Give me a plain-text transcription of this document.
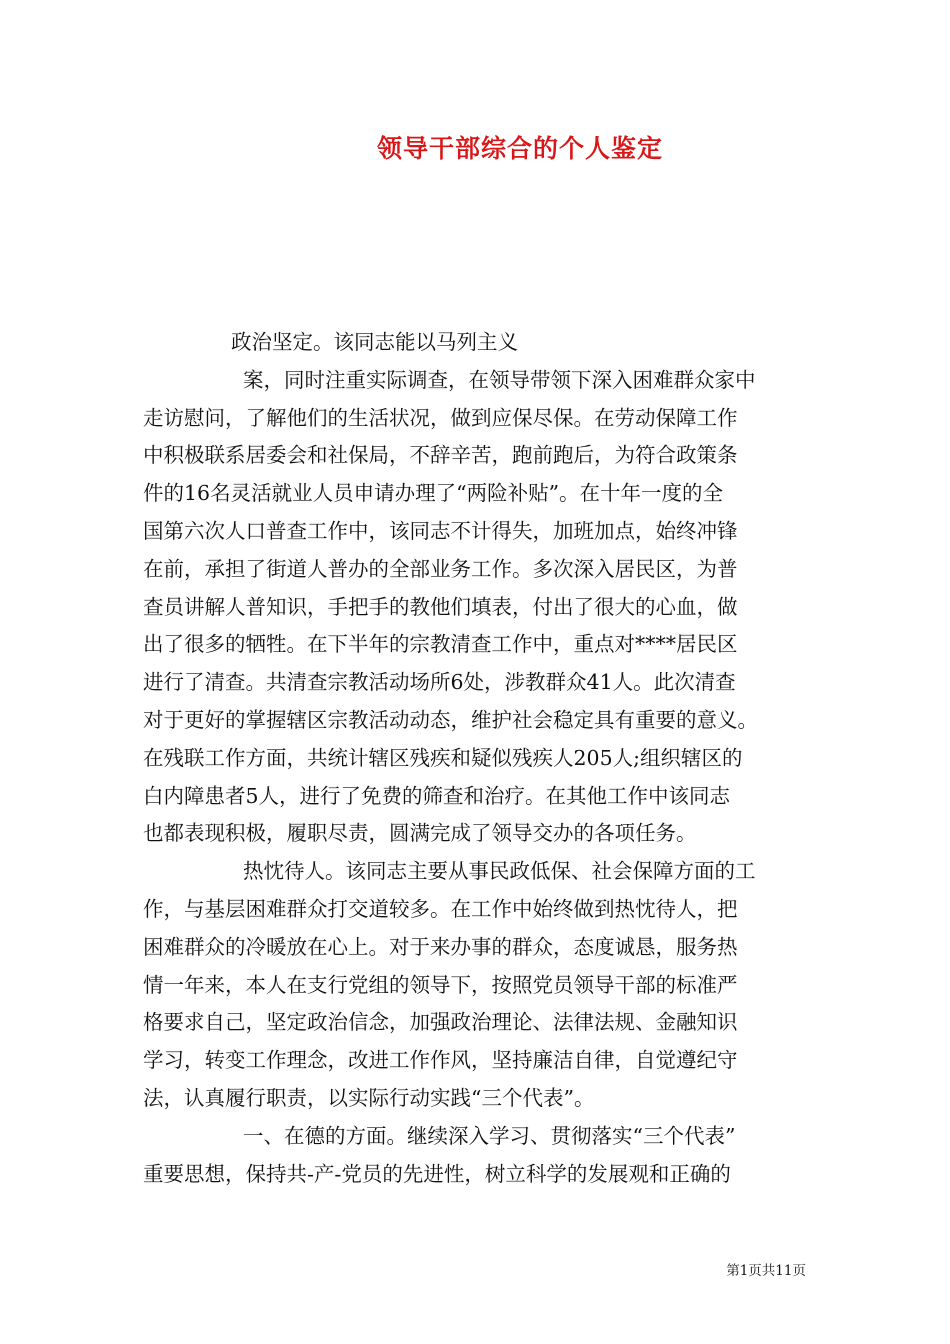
领导干部综合的个人鉴定
政治坚定。该同志能以马列主义
案，同时注重实际调查，在领导带领下深入困难群众家中
走访慰问，了解他们的生活状况，做到应保尽保。在劳动保障工作
中积极联系居委会和社保局，不辞辛苦，跑前跑后，为符合政策条
件的16名灵活就业人员申请办理了“两险补贴”。在十年一度的全
国第六次人口普查工作中，该同志不计得失，加班加点，始终冲锋
在前，承担了街道人普办的全部业务工作。多次深入居民区，为普
查员讲解人普知识，手把手的教他们填表，付出了很大的心血，做
出了很多的牺牲。在下半年的宗教清查工作中，重点对****居民区
进行了清查。共清查宗教活动场所6处，涉教群众41人。此次清查
对于更好的掌握辖区宗教活动动态，维护社会稳定具有重要的意义。
在残联工作方面，共统计辖区残疾和疑似残疾人205人;组织辖区的
白内障患者5人，进行了免费的筛查和治疗。在其他工作中该同志
也都表现积极，履职尽责，圆满完成了领导交办的各项任务。
热忱待人。该同志主要从事民政低保、社会保障方面的工
作，与基层困难群众打交道较多。在工作中始终做到热忱待人，把
困难群众的冷暖放在心上。对于来办事的群众，态度诚恳，服务热
情一年来，本人在支行党组的领导下，按照党员领导干部的标准严
格要求自己，坚定政治信念，加强政治理论、法律法规、金融知识
学习，转变工作理念，改进工作作风，坚持廉洁自律，自觉遵纪守
法，认真履行职责，以实际行动实践“三个代表”。
一、在德的方面。继续深入学习、贯彻落实“三个代表”
重要思想，保持共-产-党员的先进性，树立科学的发展观和正确的
第1页共11页
